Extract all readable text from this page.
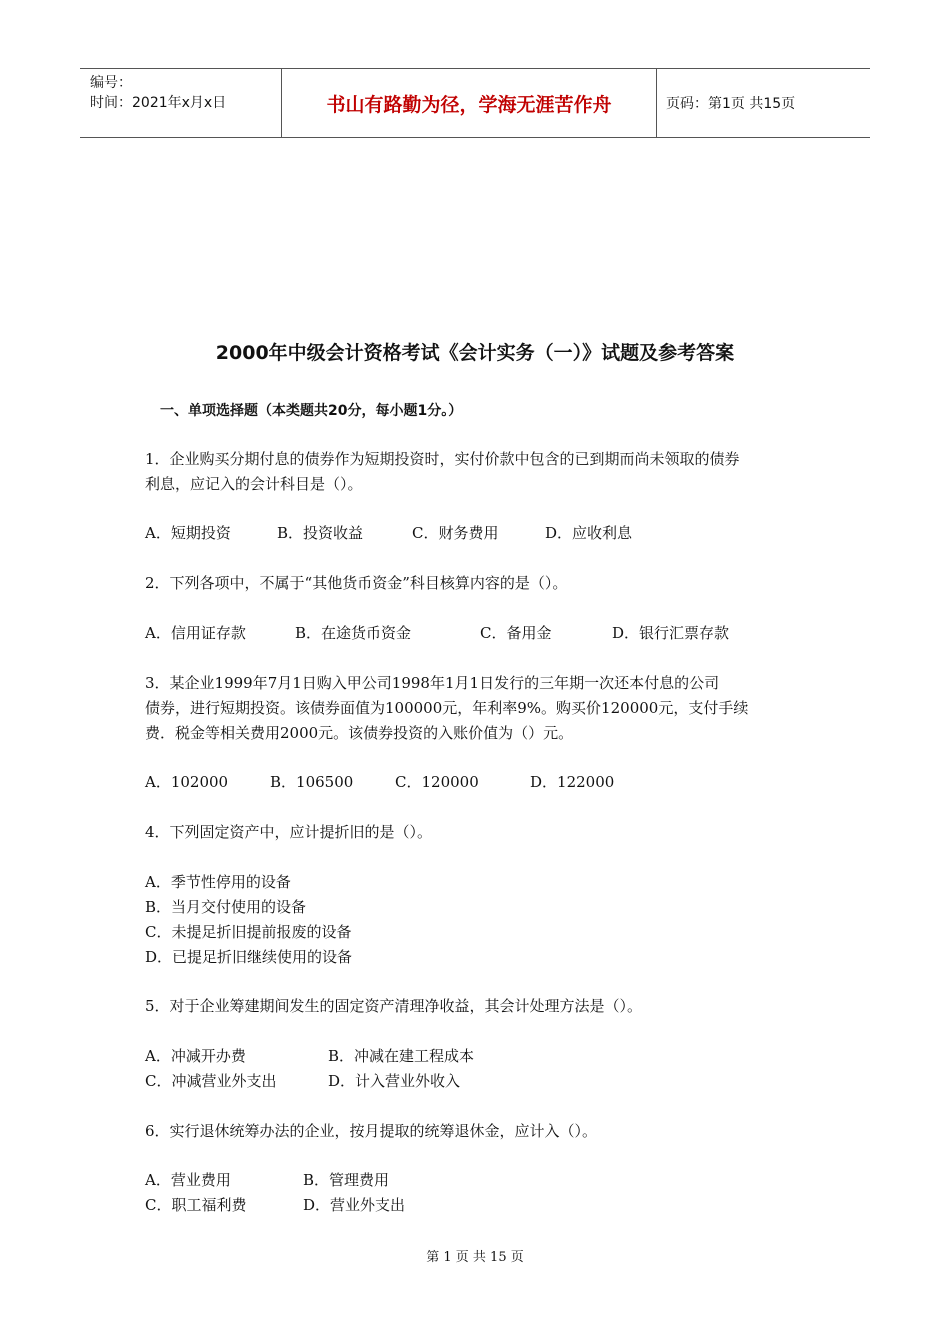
编号：
时间：2021年x月x日	书山有路勤为径，学海无涯苦作舟	页码：第1页 共15页
2000年中级会计资格考试《会计实务（一）》试题及参考答案
一、单项选择题（本类题共20分，每小题1分。）
1．企业购买分期付息的债券作为短期投资时，实付价款中包含的已到期而尚未领取的债券
利息，应记入的会计科目是（）。
A．短期投资	B．投资收益	C．财务费用	D．应收利息
2．下列各项中，不属于“其他货币资金”科目核算内容的是（）。
A．信用证存款	B．在途货币资金	C．备用金	D．银行汇票存款
3．某企业1999年7月1日购入甲公司1998年1月1日发行的三年期一次还本付息的公司
债券，进行短期投资。该债券面值为100000元，年利率9%。购买价120000元，支付手续
费．税金等相关费用2000元。该债券投资的入账价值为（）元。
A．102000	B．106500	C．120000	D．122000
4．下列固定资产中，应计提折旧的是（）。
A．季节性停用的设备
B．当月交付使用的设备
C．未提足折旧提前报废的设备
D．已提足折旧继续使用的设备
5．对于企业筹建期间发生的固定资产清理净收益，其会计处理方法是（）。
A．冲减开办费	B．冲减在建工程成本
C．冲减营业外支出	D．计入营业外收入
6．实行退休统筹办法的企业，按月提取的统筹退休金，应计入（）。
A．营业费用	B．管理费用
C．职工福利费	D．营业外支出
第 1 页 共 15 页
